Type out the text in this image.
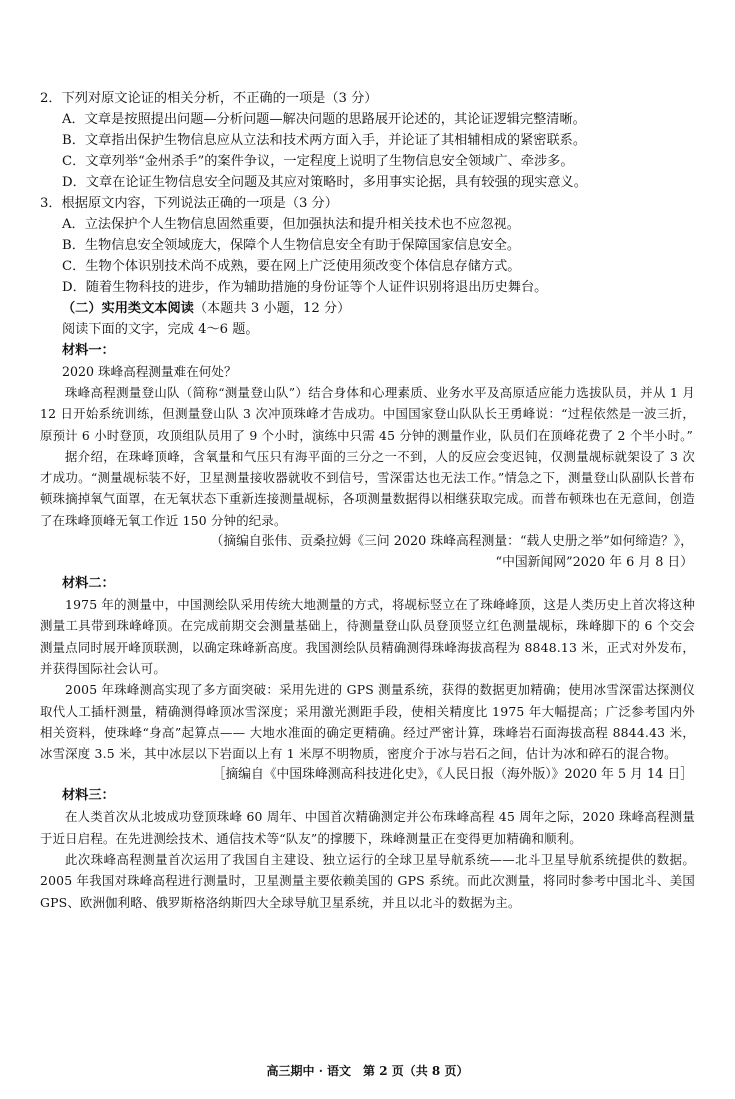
2．下列对原文论证的相关分析，不正确的一项是（3 分）
A．文章是按照提出问题—分析问题—解决问题的思路展开论述的，其论证逻辑完整清晰。
B．文章指出保护生物信息应从立法和技术两方面入手，并论证了其相辅相成的紧密联系。
C．文章列举“金州杀手”的案件争议，一定程度上说明了生物信息安全领域广、牵涉多。
D．文章在论证生物信息安全问题及其应对策略时，多用事实论据，具有较强的现实意义。
3．根据原文内容，下列说法正确的一项是（3 分）
A．立法保护个人生物信息固然重要，但加强执法和提升相关技术也不应忽视。
B．生物信息安全领域庞大，保障个人生物信息安全有助于保障国家信息安全。
C．生物个体识别技术尚不成熟，要在网上广泛使用须改变个体信息存储方式。
D．随着生物科技的进步，作为辅助措施的身份证等个人证件识别将退出历史舞台。
（二）实用类文本阅读（本题共 3 小题，12 分）
阅读下面的文字，完成 4～6 题。
材料一：
2020 珠峰高程测量难在何处？
珠峰高程测量登山队（简称“测量登山队”）结合身体和心理素质、业务水平及高原适应能力选拔队员，并从 1 月 12 日开始系统训练，但测量登山队 3 次冲顶珠峰才告成功。中国国家登山队队长王勇峰说：“过程依然是一波三折，原预计 6 小时登顶，攻顶组队员用了 9 个小时，演练中只需 45 分钟的测量作业，队员们在顶峰花费了 2 个半小时。”
据介绍，在珠峰顶峰，含氧量和气压只有海平面的三分之一不到，人的反应会变迟钝，仅测量觇标就架设了 3 次才成功。“测量觇标装不好，卫星测量接收器就收不到信号，雪深雷达也无法工作。”情急之下，测量登山队副队长普布顿珠摘掉氧气面罩，在无氧状态下重新连接测量觇标，各项测量数据得以相继获取完成。而普布顿珠也在无意间，创造了在珠峰顶峰无氧工作近 150 分钟的纪录。
（摘编自张伟、贡桑拉姆《三问 2020 珠峰高程测量：“载人史册之举”如何缔造？》，
“中国新闻网”2020 年 6 月 8 日）
材料二：
1975 年的测量中，中国测绘队采用传统大地测量的方式，将觇标竖立在了珠峰峰顶，这是人类历史上首次将这种测量工具带到珠峰峰顶。在完成前期交会测量基础上，待测量登山队员登顶竖立红色测量觇标，珠峰脚下的 6 个交会测量点同时展开峰顶联测，以确定珠峰新高度。我国测绘队员精确测得珠峰海拔高程为 8848.13 米，正式对外发布，并获得国际社会认可。
2005 年珠峰测高实现了多方面突破：采用先进的 GPS 测量系统，获得的数据更加精确；使用冰雪深雷达探测仪取代人工插杆测量，精确测得峰顶冰雪深度；采用激光测距手段，使相关精度比 1975 年大幅提高；广泛参考国内外相关资料，使珠峰“身高”起算点—— 大地水准面的确定更精确。经过严密计算，珠峰岩石面海拔高程 8844.43 米，冰雪深度 3.5 米，其中冰层以下岩面以上有 1 米厚不明物质，密度介于冰与岩石之间，估计为冰和碎石的混合物。
［摘编自《中国珠峰测高科技进化史》，《人民日报（海外版）》2020 年 5 月 14 日］
材料三：
在人类首次从北坡成功登顶珠峰 60 周年、中国首次精确测定并公布珠峰高程 45 周年之际，2020 珠峰高程测量于近日启程。在先进测绘技术、通信技术等“队友”的撑腰下，珠峰测量正在变得更加精确和顺利。
此次珠峰高程测量首次运用了我国自主建设、独立运行的全球卫星导航系统——北斗卫星导航系统提供的数据。2005 年我国对珠峰高程进行测量时，卫星测量主要依赖美国的 GPS 系统。而此次测量，将同时参考中国北斗、美国 GPS、欧洲伽利略、俄罗斯格洛纳斯四大全球导航卫星系统，并且以北斗的数据为主。
高三期中 · 语文　第 2 页（共 8 页）
